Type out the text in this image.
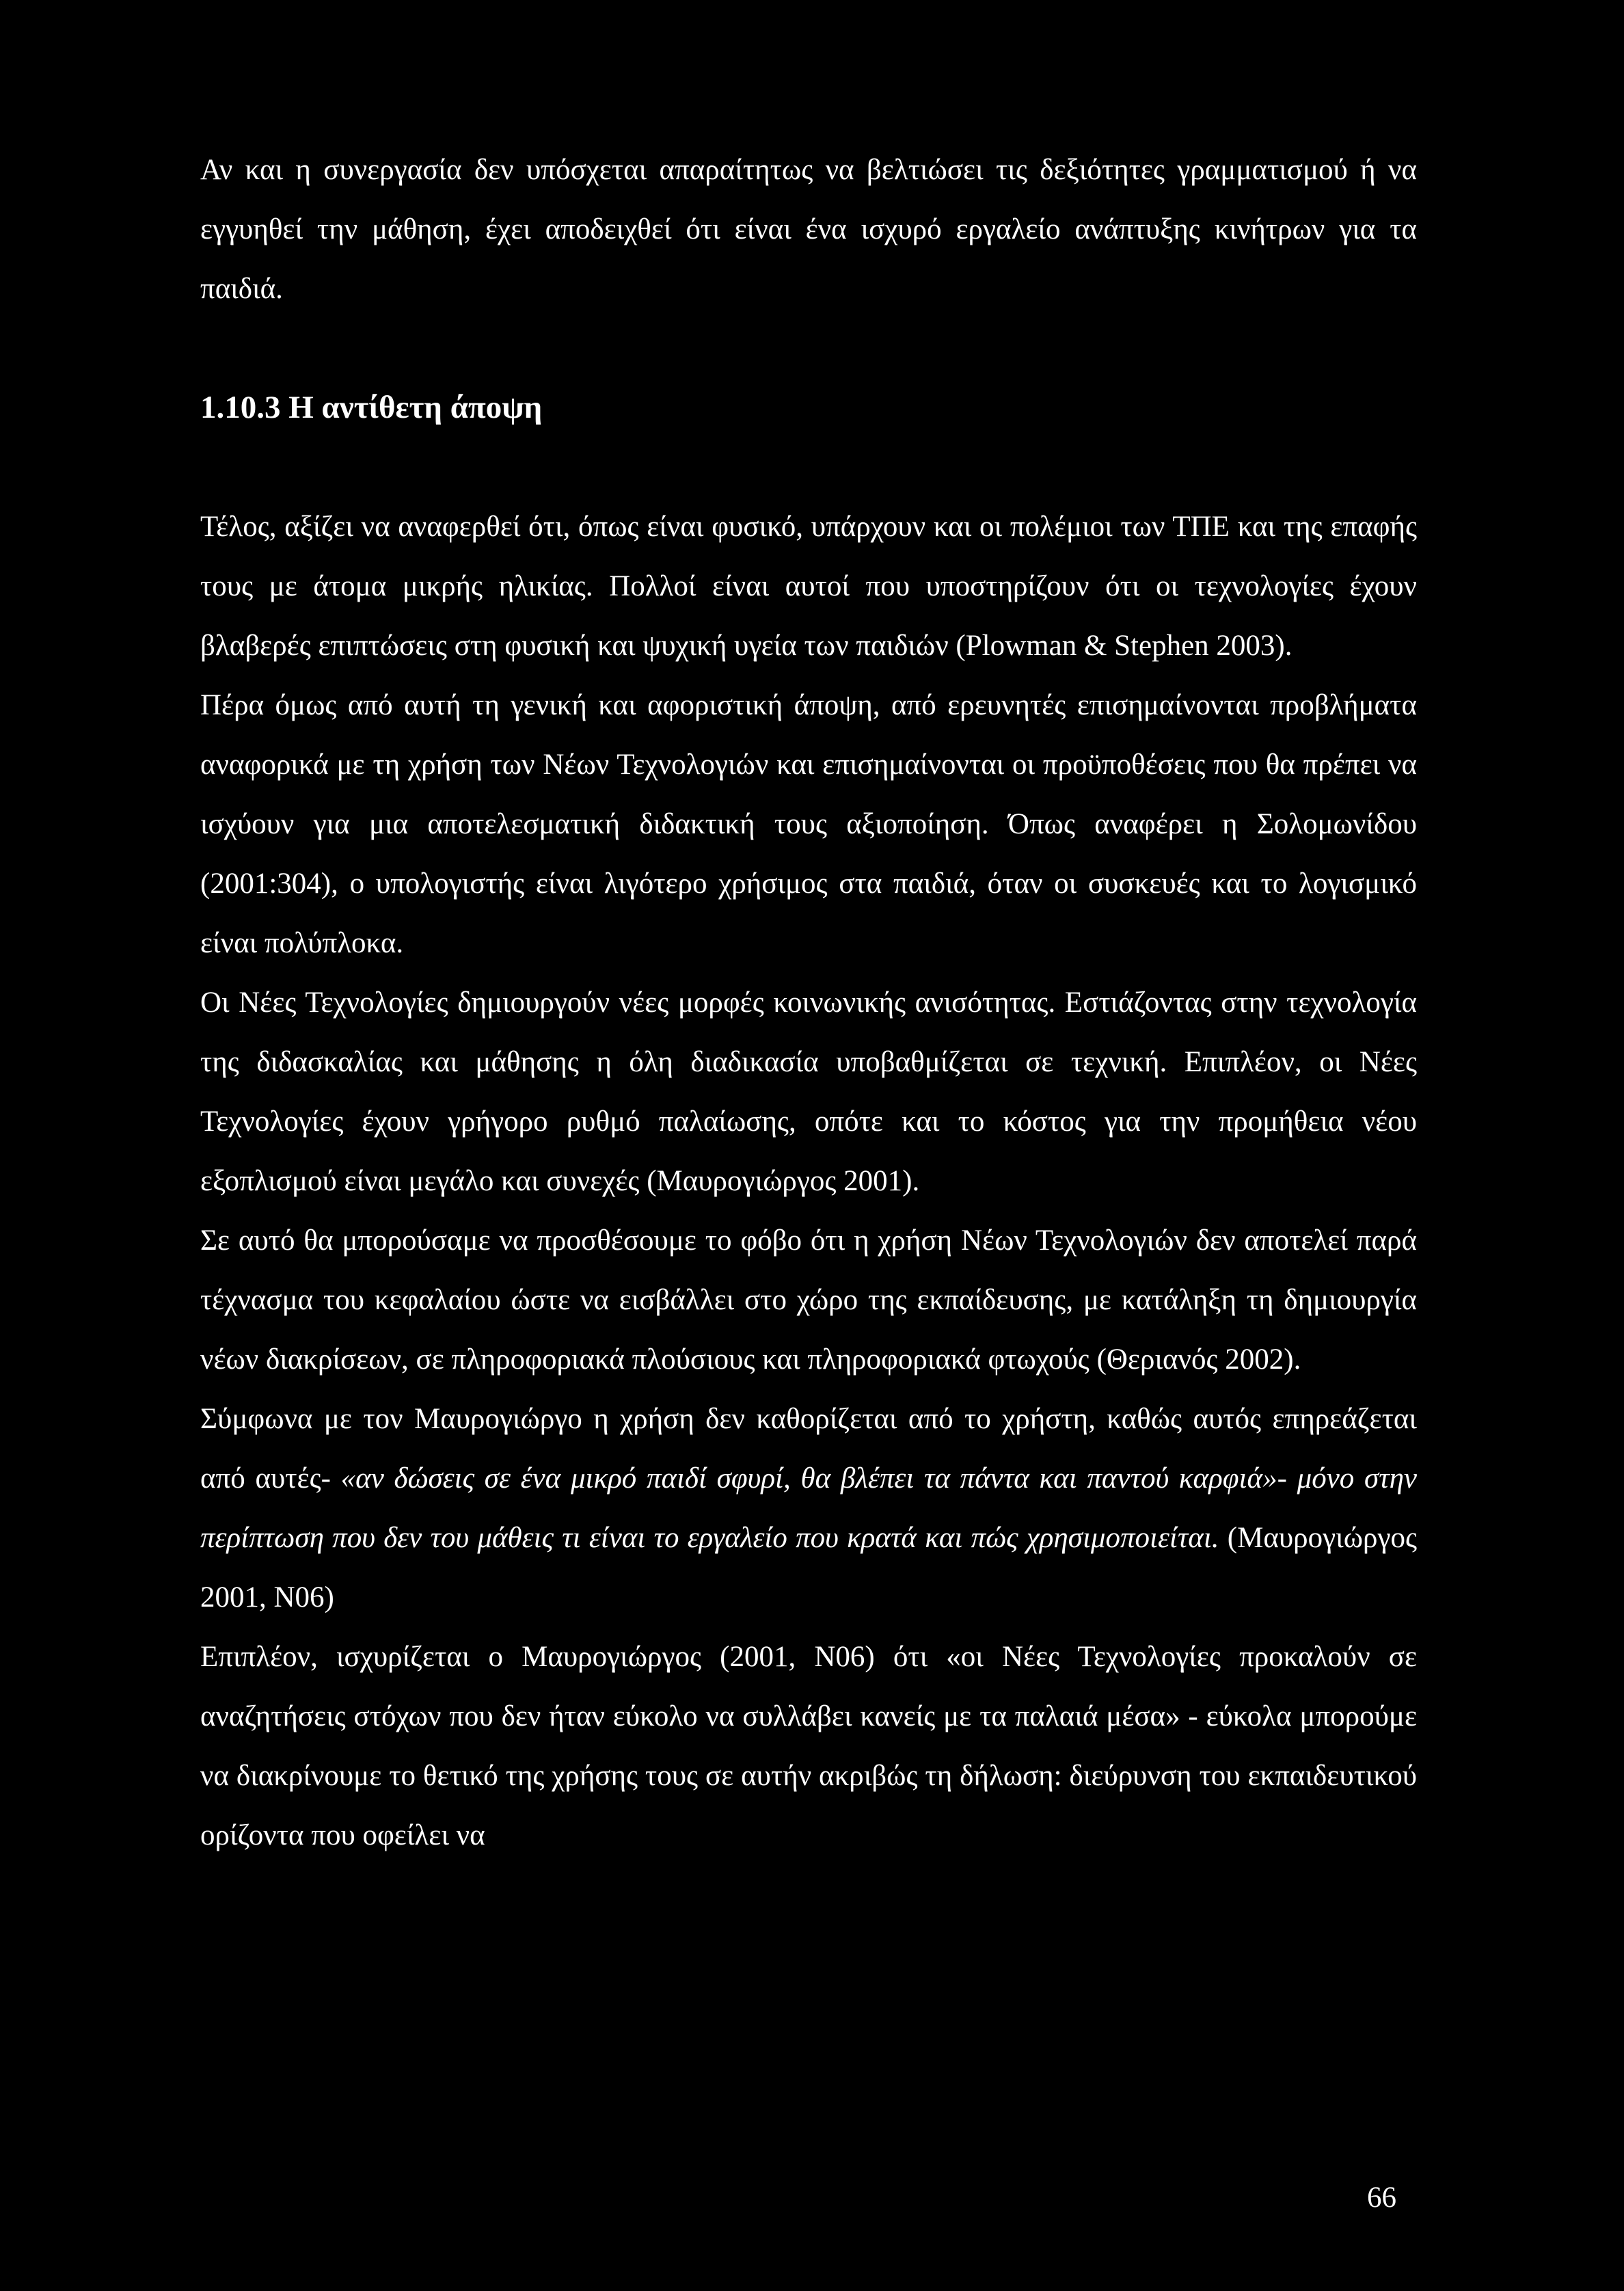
Αν και η συνεργασία δεν υπόσχεται απαραίτητως να βελτιώσει τις δεξιότητες γραμματισμού ή να εγγυηθεί την μάθηση, έχει αποδειχθεί ότι είναι ένα ισχυρό εργαλείο ανάπτυξης κινήτρων για τα παιδιά.

1.10.3 Η αντίθετη άποψη

Τέλος, αξίζει να αναφερθεί ότι, όπως είναι φυσικό, υπάρχουν και οι πολέμιοι των ΤΠΕ και της επαφής τους με άτομα μικρής ηλικίας. Πολλοί είναι αυτοί που υποστηρίζουν ότι οι τεχνολογίες έχουν βλαβερές επιπτώσεις στη φυσική και ψυχική υγεία των παιδιών (Plowman & Stephen 2003).

Πέρα όμως από αυτή τη γενική και αφοριστική άποψη, από ερευνητές επισημαίνονται προβλήματα αναφορικά με τη χρήση των Νέων Τεχνολογιών και επισημαίνονται οι προϋποθέσεις που θα πρέπει να ισχύουν για μια αποτελεσματική διδακτική τους αξιοποίηση. Όπως αναφέρει η Σολομωνίδου (2001:304), ο υπολογιστής είναι λιγότερο χρήσιμος στα παιδιά, όταν οι συσκευές και το λογισμικό είναι πολύπλοκα.

Οι Νέες Τεχνολογίες δημιουργούν νέες μορφές κοινωνικής ανισότητας. Εστιάζοντας στην τεχνολογία της διδασκαλίας και μάθησης η όλη διαδικασία υποβαθμίζεται σε τεχνική. Επιπλέον, οι Νέες Τεχνολογίες έχουν γρήγορο ρυθμό παλαίωσης, οπότε και το κόστος για την προμήθεια νέου εξοπλισμού είναι μεγάλο και συνεχές (Μαυρογιώργος 2001).

Σε αυτό θα μπορούσαμε να προσθέσουμε το φόβο ότι η χρήση Νέων Τεχνολογιών δεν αποτελεί παρά τέχνασμα του κεφαλαίου ώστε να εισβάλλει στο χώρο της εκπαίδευσης, με κατάληξη τη δημιουργία νέων διακρίσεων, σε πληροφοριακά πλούσιους και πληροφοριακά φτωχούς (Θεριανός 2002).

Σύμφωνα με τον Μαυρογιώργο η χρήση δεν καθορίζεται από το χρήστη, καθώς αυτός επηρεάζεται από αυτές- «αν δώσεις σε ένα μικρό παιδί σφυρί, θα βλέπει τα πάντα και παντού καρφιά»- μόνο στην περίπτωση που δεν του μάθεις τι είναι το εργαλείο που κρατά και πώς χρησιμοποιείται. (Μαυρογιώργος 2001, Ν06)

Επιπλέον, ισχυρίζεται ο Μαυρογιώργος (2001, Ν06) ότι «οι Νέες Τεχνολογίες προκαλούν σε αναζητήσεις στόχων που δεν ήταν εύκολο να συλλάβει κανείς με τα παλαιά μέσα» - εύκολα μπορούμε να διακρίνουμε το θετικό της χρήσης τους σε αυτήν ακριβώς τη δήλωση: διεύρυνση του εκπαιδευτικού ορίζοντα που οφείλει να

66
